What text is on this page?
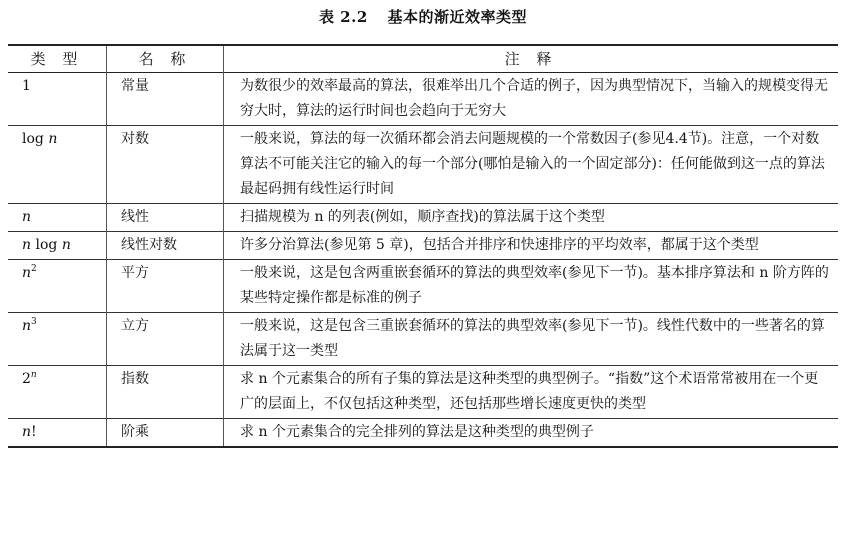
表 2.2 基本的渐近效率类型
类 型	名 称	注 释
1	常量	为数很少的效率最高的算法，很难举出几个合适的例子，因为典型情况下，当输入的规模变得无穷大时，算法的运行时间也会趋向于无穷大
log n	对数	一般来说，算法的每一次循环都会消去问题规模的一个常数因子(参见4.4节)。注意，一个对数算法不可能关注它的输入的每一个部分(哪怕是输入的一个固定部分)：任何能做到这一点的算法最起码拥有线性运行时间
n	线性	扫描规模为 n 的列表(例如，顺序查找)的算法属于这个类型
n log n	线性对数	许多分治算法(参见第 5 章)，包括合并排序和快速排序的平均效率，都属于这个类型
$n^2$	平方	一般来说，这是包含两重嵌套循环的算法的典型效率(参见下一节)。基本排序算法和 n 阶方阵的某些特定操作都是标准的例子
$n^3$	立方	一般来说，这是包含三重嵌套循环的算法的典型效率(参见下一节)。线性代数中的一些著名的算法属于这一类型
2$^n$	指数	求 n 个元素集合的所有子集的算法是这种类型的典型例子。“指数”这个术语常常被用在一个更广的层面上，不仅包括这种类型，还包括那些增长速度更快的类型
n!	阶乘	求 n 个元素集合的完全排列的算法是这种类型的典型例子
